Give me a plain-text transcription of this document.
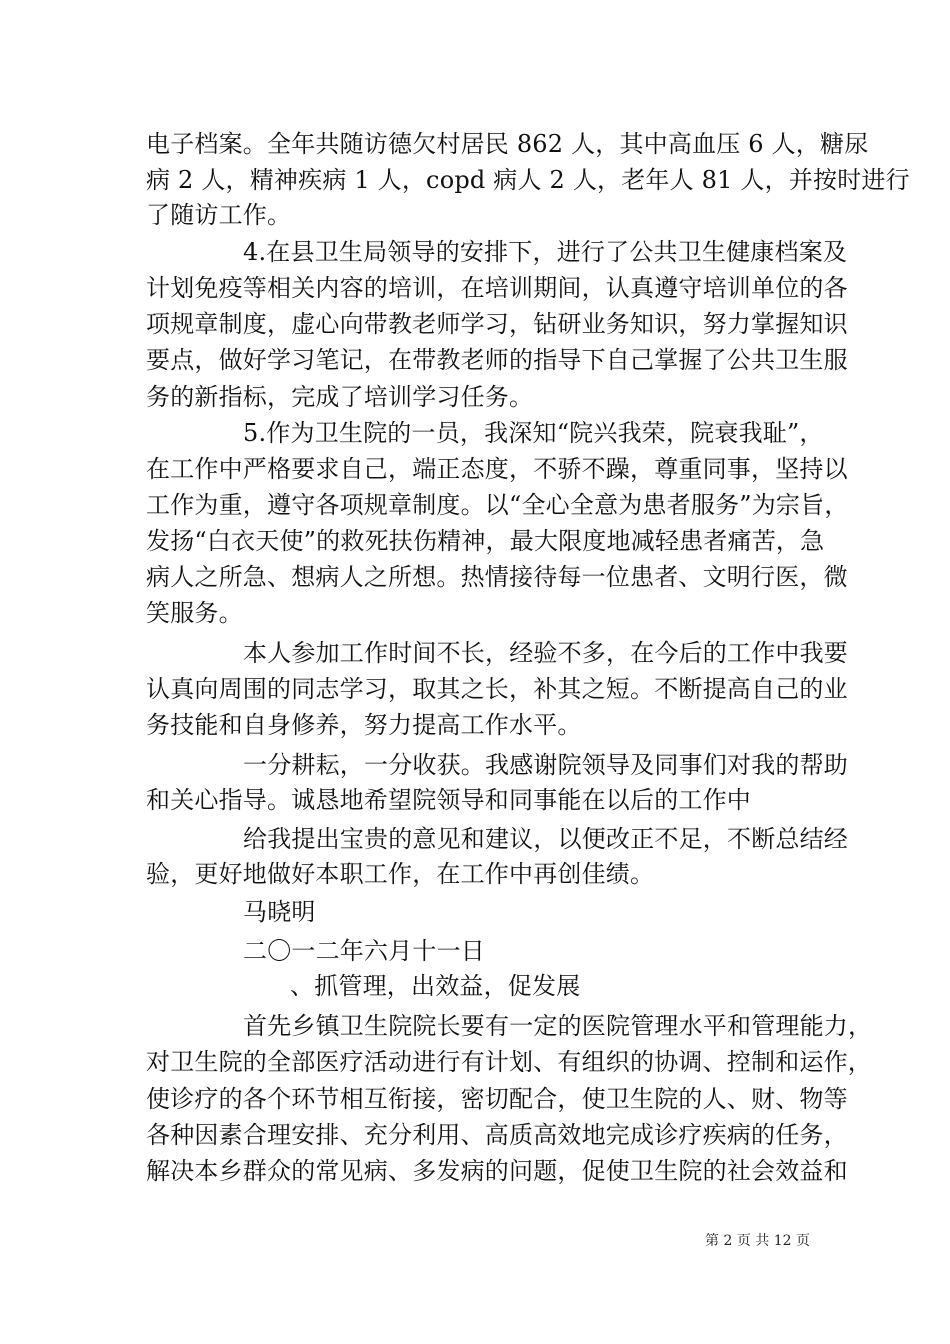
电子档案。全年共随访德欠村居民 862 人，其中高血压 6 人，糖尿

病 2 人，精神疾病 1 人，copd 病人 2 人，老年人 81 人，并按时进行

了随访工作。

4.在县卫生局领导的安排下，进行了公共卫生健康档案及

计划免疫等相关内容的培训，在培训期间，认真遵守培训单位的各

项规章制度，虚心向带教老师学习，钻研业务知识，努力掌握知识

要点，做好学习笔记，在带教老师的指导下自己掌握了公共卫生服

务的新指标，完成了培训学习任务。

5.作为卫生院的一员，我深知“院兴我荣，院衰我耻”，

在工作中严格要求自己，端正态度，不骄不躁，尊重同事，坚持以

工作为重，遵守各项规章制度。以“全心全意为患者服务”为宗旨，

发扬“白衣天使”的救死扶伤精神，最大限度地减轻患者痛苦，急

病人之所急、想病人之所想。热情接待每一位患者、文明行医，微

笑服务。

本人参加工作时间不长，经验不多，在今后的工作中我要

认真向周围的同志学习，取其之长，补其之短。不断提高自己的业

务技能和自身修养，努力提高工作水平。

一分耕耘，一分收获。我感谢院领导及同事们对我的帮助

和关心指导。诚恳地希望院领导和同事能在以后的工作中

给我提出宝贵的意见和建议，以便改正不足，不断总结经

验，更好地做好本职工作，在工作中再创佳绩。

马晓明

二〇一二年六月十一日

、抓管理，出效益，促发展

首先乡镇卫生院院长要有一定的医院管理水平和管理能力，

对卫生院的全部医疗活动进行有计划、有组织的协调、控制和运作，

使诊疗的各个环节相互衔接，密切配合，使卫生院的人、财、物等

各种因素合理安排、充分利用、高质高效地完成诊疗疾病的任务，

解决本乡群众的常见病、多发病的问题，促使卫生院的社会效益和

第 2 页 共 12 页
